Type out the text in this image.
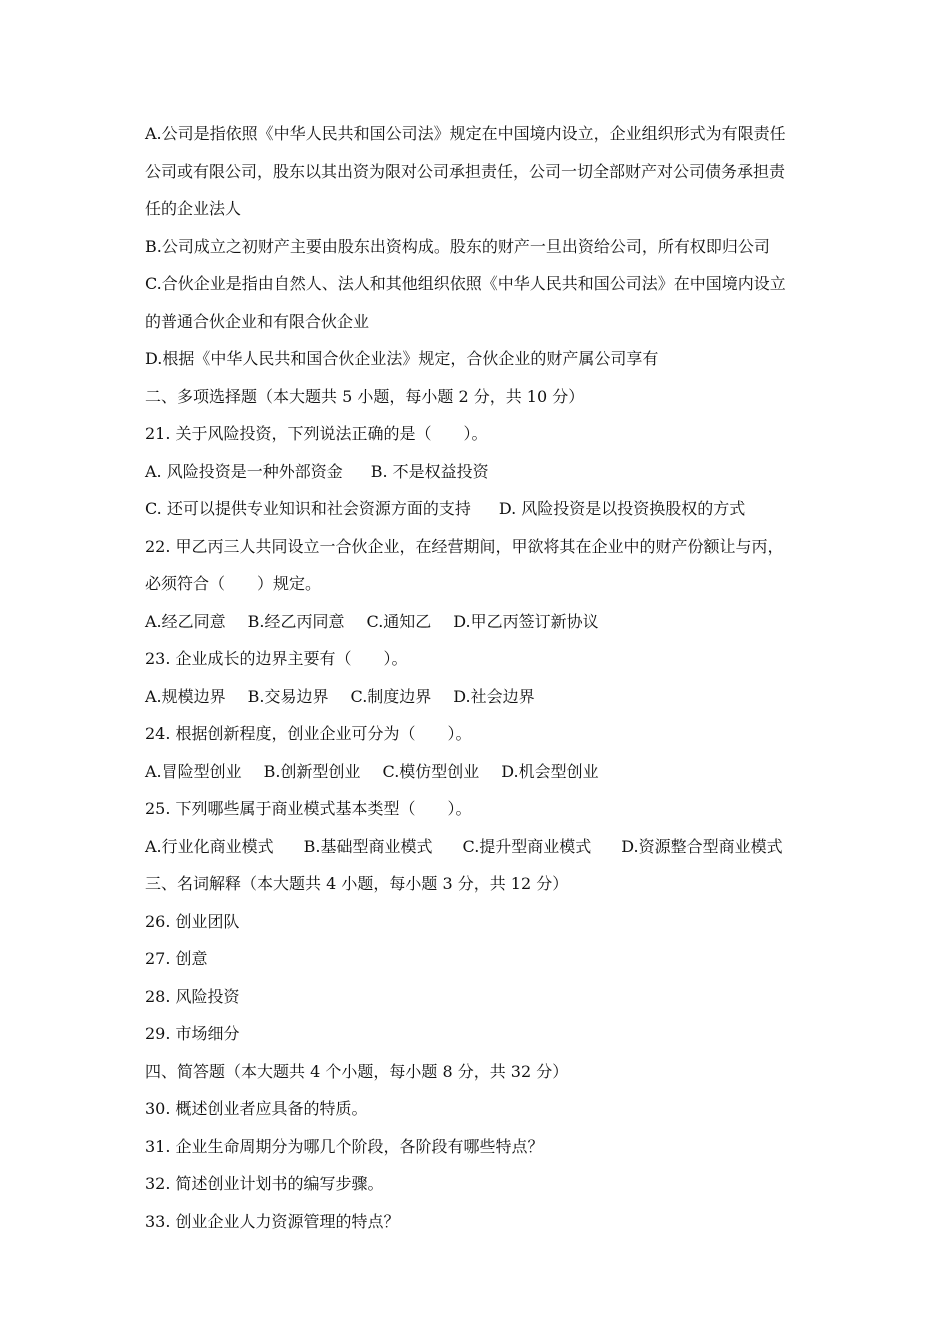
A.公司是指依照《中华人民共和国公司法》规定在中国境内设立，企业组织形式为有限责任
公司或有限公司，股东以其出资为限对公司承担责任，公司一切全部财产对公司债务承担责
任的企业法人
B.公司成立之初财产主要由股东出资构成。股东的财产一旦出资给公司，所有权即归公司
C.合伙企业是指由自然人、法人和其他组织依照《中华人民共和国公司法》在中国境内设立
的普通合伙企业和有限合伙企业
D.根据《中华人民共和国合伙企业法》规定，合伙企业的财产属公司享有
二、多项选择题（本大题共 5 小题，每小题 2 分，共 10 分）
21. 关于风险投资，下列说法正确的是（　　）。
A. 风险投资是一种外部资金 B. 不是权益投资
C. 还可以提供专业知识和社会资源方面的支持 D. 风险投资是以投资换股权的方式
22. 甲乙丙三人共同设立一合伙企业，在经营期间，甲欲将其在企业中的财产份额让与丙，
必须符合（　　）规定。
A.经乙同意 B.经乙丙同意 C.通知乙 D.甲乙丙签订新协议
23. 企业成长的边界主要有（　　）。
A.规模边界 B.交易边界 C.制度边界 D.社会边界
24. 根据创新程度，创业企业可分为（　　）。
A.冒险型创业 B.创新型创业 C.模仿型创业 D.机会型创业
25. 下列哪些属于商业模式基本类型（　　）。
A.行业化商业模式 B.基础型商业模式 C.提升型商业模式 D.资源整合型商业模式
三、名词解释（本大题共 4 小题，每小题 3 分，共 12 分）
26. 创业团队
27. 创意
28. 风险投资
29. 市场细分
四、简答题（本大题共 4 个小题，每小题 8 分，共 32 分）
30. 概述创业者应具备的特质。
31. 企业生命周期分为哪几个阶段，各阶段有哪些特点？
32. 简述创业计划书的编写步骤。
33. 创业企业人力资源管理的特点？
